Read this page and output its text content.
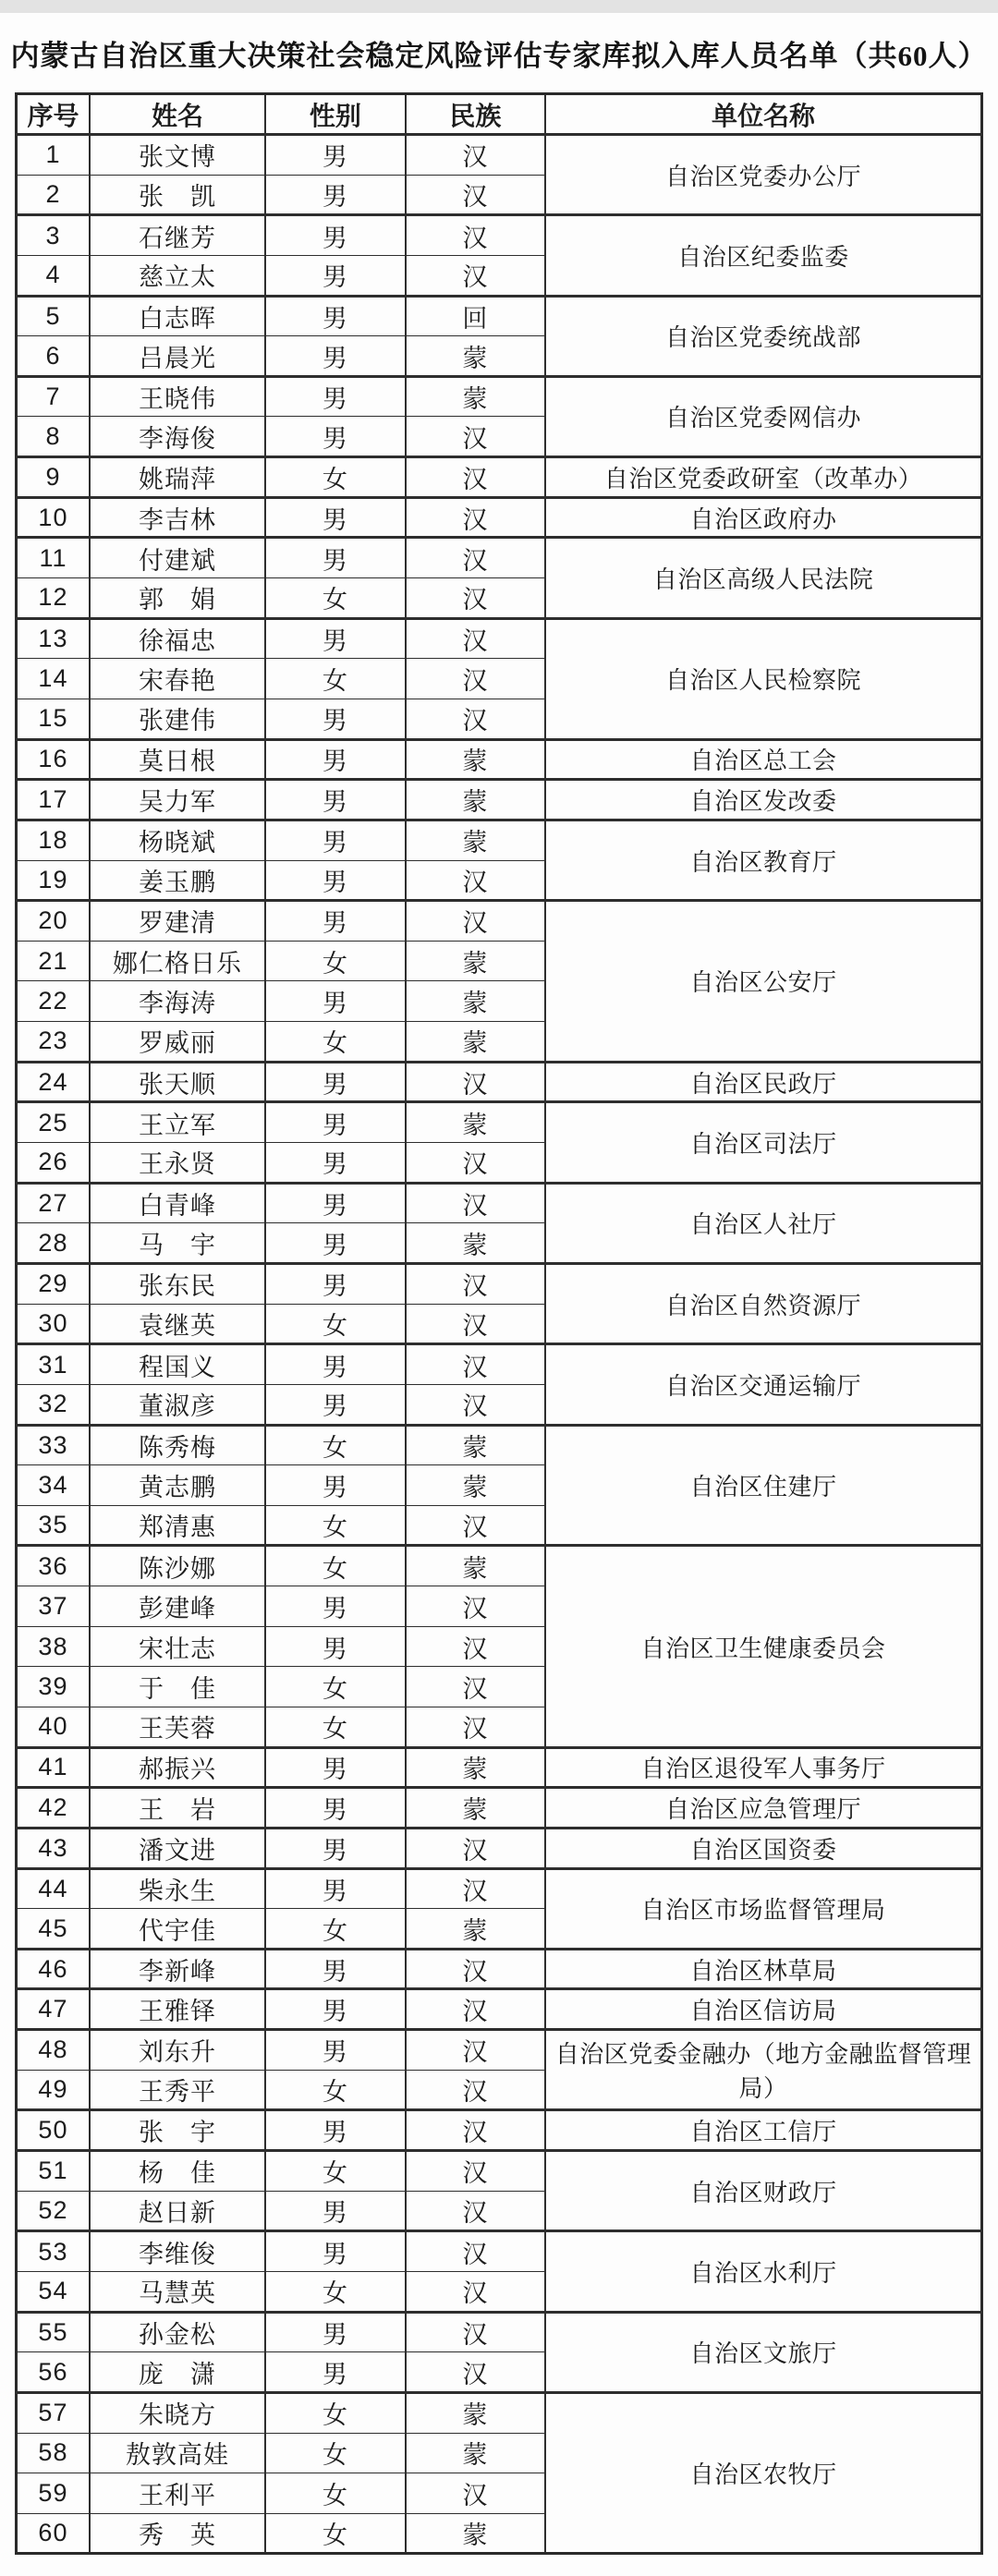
内蒙古自治区重大决策社会稳定风险评估专家库拟入库人员名单（共60人）
序号	姓名	性别	民族	单位名称
1	张文博	男	汉	自治区党委办公厅
2	张　凯	男	汉	
3	石继芳	男	汉	自治区纪委监委
4	慈立太	男	汉	
5	白志晖	男	回	自治区党委统战部
6	吕晨光	男	蒙	
7	王晓伟	男	蒙	自治区党委网信办
8	李海俊	男	汉	
9	姚瑞萍	女	汉	自治区党委政研室（改革办）
10	李吉林	男	汉	自治区政府办
11	付建斌	男	汉	自治区高级人民法院
12	郭　娟	女	汉	
13	徐福忠	男	汉	自治区人民检察院
14	宋春艳	女	汉	
15	张建伟	男	汉	
16	莫日根	男	蒙	自治区总工会
17	吴力军	男	蒙	自治区发改委
18	杨晓斌	男	蒙	自治区教育厅
19	姜玉鹏	男	汉	
20	罗建清	男	汉	自治区公安厅
21	娜仁格日乐	女	蒙	
22	李海涛	男	蒙	
23	罗威丽	女	蒙	
24	张天顺	男	汉	自治区民政厅
25	王立军	男	蒙	自治区司法厅
26	王永贤	男	汉	
27	白青峰	男	汉	自治区人社厅
28	马　宇	男	蒙	
29	张东民	男	汉	自治区自然资源厅
30	袁继英	女	汉	
31	程国义	男	汉	自治区交通运输厅
32	董淑彦	男	汉	
33	陈秀梅	女	蒙	自治区住建厅
34	黄志鹏	男	蒙	
35	郑清惠	女	汉	
36	陈沙娜	女	蒙	自治区卫生健康委员会
37	彭建峰	男	汉	
38	宋壮志	男	汉	
39	于　佳	女	汉	
40	王芙蓉	女	汉	
41	郝振兴	男	蒙	自治区退役军人事务厅
42	王　岩	男	蒙	自治区应急管理厅
43	潘文进	男	汉	自治区国资委
44	柴永生	男	汉	自治区市场监督管理局
45	代宇佳	女	蒙	
46	李新峰	男	汉	自治区林草局
47	王雅铎	男	汉	自治区信访局
48	刘东升	男	汉	自治区党委金融办（地方金融监督管理局）
49	王秀平	女	汉	
50	张　宇	男	汉	自治区工信厅
51	杨　佳	女	汉	自治区财政厅
52	赵日新	男	汉	
53	李维俊	男	汉	自治区水利厅
54	马慧英	女	汉	
55	孙金松	男	汉	自治区文旅厅
56	庞　潇	男	汉	
57	朱晓方	女	蒙	自治区农牧厅
58	敖敦高娃	女	蒙	
59	王利平	女	汉	
60	秀　英	女	蒙	
